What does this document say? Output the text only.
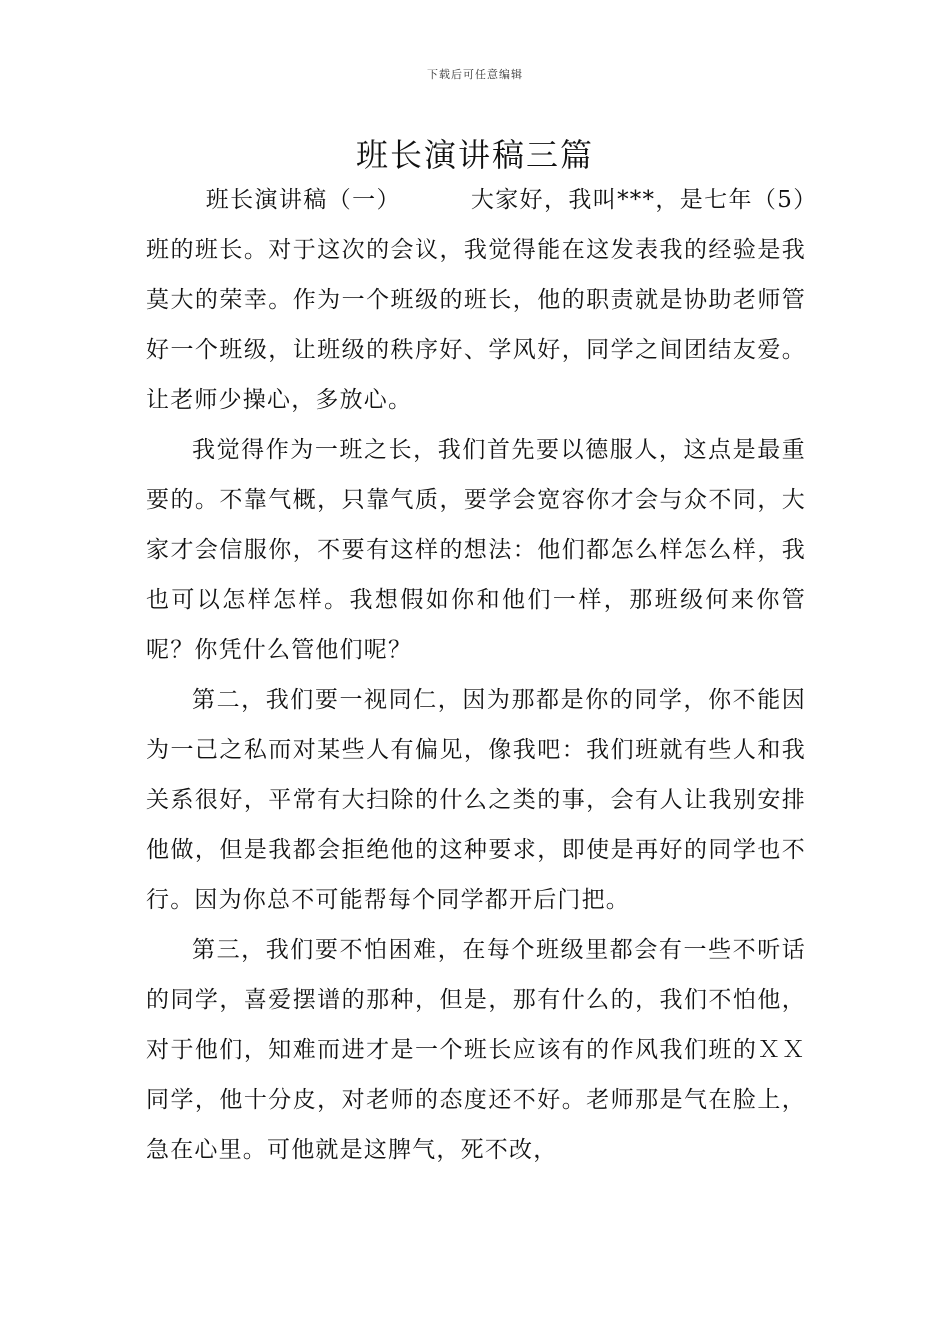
下载后可任意编辑
班长演讲稿三篇

班长演讲稿（一）	大家好，我叫***，是七年（5）班的班长。对于这次的会议，我觉得能在这发表我的经验是我莫大的荣幸。作为一个班级的班长，他的职责就是协助老师管好一个班级，让班级的秩序好、学风好，同学之间团结友爱。让老师少操心，多放心。

我觉得作为一班之长，我们首先要以德服人，这点是最重要的。不靠气概，只靠气质，要学会宽容你才会与众不同，大家才会信服你，不要有这样的想法：他们都怎么样怎么样，我也可以怎样怎样。我想假如你和他们一样，那班级何来你管呢？你凭什么管他们呢？

第二，我们要一视同仁，因为那都是你的同学，你不能因为一己之私而对某些人有偏见，像我吧：我们班就有些人和我关系很好，平常有大扫除的什么之类的事，会有人让我别安排他做，但是我都会拒绝他的这种要求，即使是再好的同学也不行。因为你总不可能帮每个同学都开后门把。

第三，我们要不怕困难，在每个班级里都会有一些不听话的同学，喜爱摆谱的那种，但是，那有什么的，我们不怕他，对于他们，知难而进才是一个班长应该有的作风我们班的ＸＸ同学，他十分皮，对老师的态度还不好。老师那是气在脸上，急在心里。可他就是这脾气，死不改，
